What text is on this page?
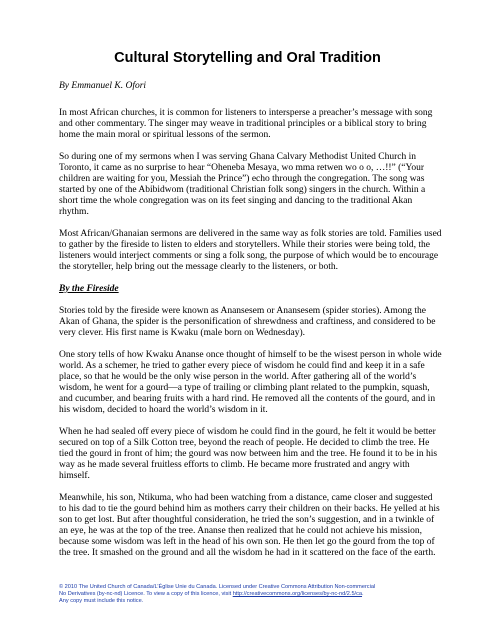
Cultural Storytelling and Oral Tradition

By Emmanuel K. Ofori

In most African churches, it is common for listeners to intersperse a preacher’s message with song and other commentary. The singer may weave in traditional principles or a biblical story to bring home the main moral or spiritual lessons of the sermon.

So during one of my sermons when I was serving Ghana Calvary Methodist United Church in Toronto, it came as no surprise to hear “Oheneba Mesaya, wo mma retwen wo o o, …!!” (“Your children are waiting for you, Messiah the Prince”) echo through the congregation. The song was started by one of the Abibidwom (traditional Christian folk song) singers in the church. Within a short time the whole congregation was on its feet singing and dancing to the traditional Akan rhythm.

Most African/Ghanaian sermons are delivered in the same way as folk stories are told. Families used to gather by the fireside to listen to elders and storytellers. While their stories were being told, the listeners would interject comments or sing a folk song, the purpose of which would be to encourage the storyteller, help bring out the message clearly to the listeners, or both.

By the Fireside

Stories told by the fireside were known as Anansesem or Anansesem (spider stories). Among the Akan of Ghana, the spider is the personification of shrewdness and craftiness, and considered to be very clever. His first name is Kwaku (male born on Wednesday).

One story tells of how Kwaku Ananse once thought of himself to be the wisest person in whole wide world. As a schemer, he tried to gather every piece of wisdom he could find and keep it in a safe place, so that he would be the only wise person in the world. After gathering all of the world’s wisdom, he went for a gourd—a type of trailing or climbing plant related to the pumpkin, squash, and cucumber, and bearing fruits with a hard rind. He removed all the contents of the gourd, and in his wisdom, decided to hoard the world’s wisdom in it.

When he had sealed off every piece of wisdom he could find in the gourd, he felt it would be better secured on top of a Silk Cotton tree, beyond the reach of people. He decided to climb the tree. He tied the gourd in front of him; the gourd was now between him and the tree. He found it to be in his way as he made several fruitless efforts to climb. He became more frustrated and angry with himself.

Meanwhile, his son, Ntikuma, who had been watching from a distance, came closer and suggested to his dad to tie the gourd behind him as mothers carry their children on their backs. He yelled at his son to get lost. But after thoughtful consideration, he tried the son’s suggestion, and in a twinkle of an eye, he was at the top of the tree. Ananse then realized that he could not achieve his mission, because some wisdom was left in the head of his own son. He then let go the gourd from the top of the tree. It smashed on the ground and all the wisdom he had in it scattered on the face of the earth.

© 2010 The United Church of Canada/L’Église Unie du Canada. Licensed under Creative Commons Attribution Non-commercial
No Derivatives (by-nc-nd) Licence. To view a copy of this licence, visit http://creativecommons.org/licenses/by-nc-nd/2.5/ca.
Any copy must include this notice.
